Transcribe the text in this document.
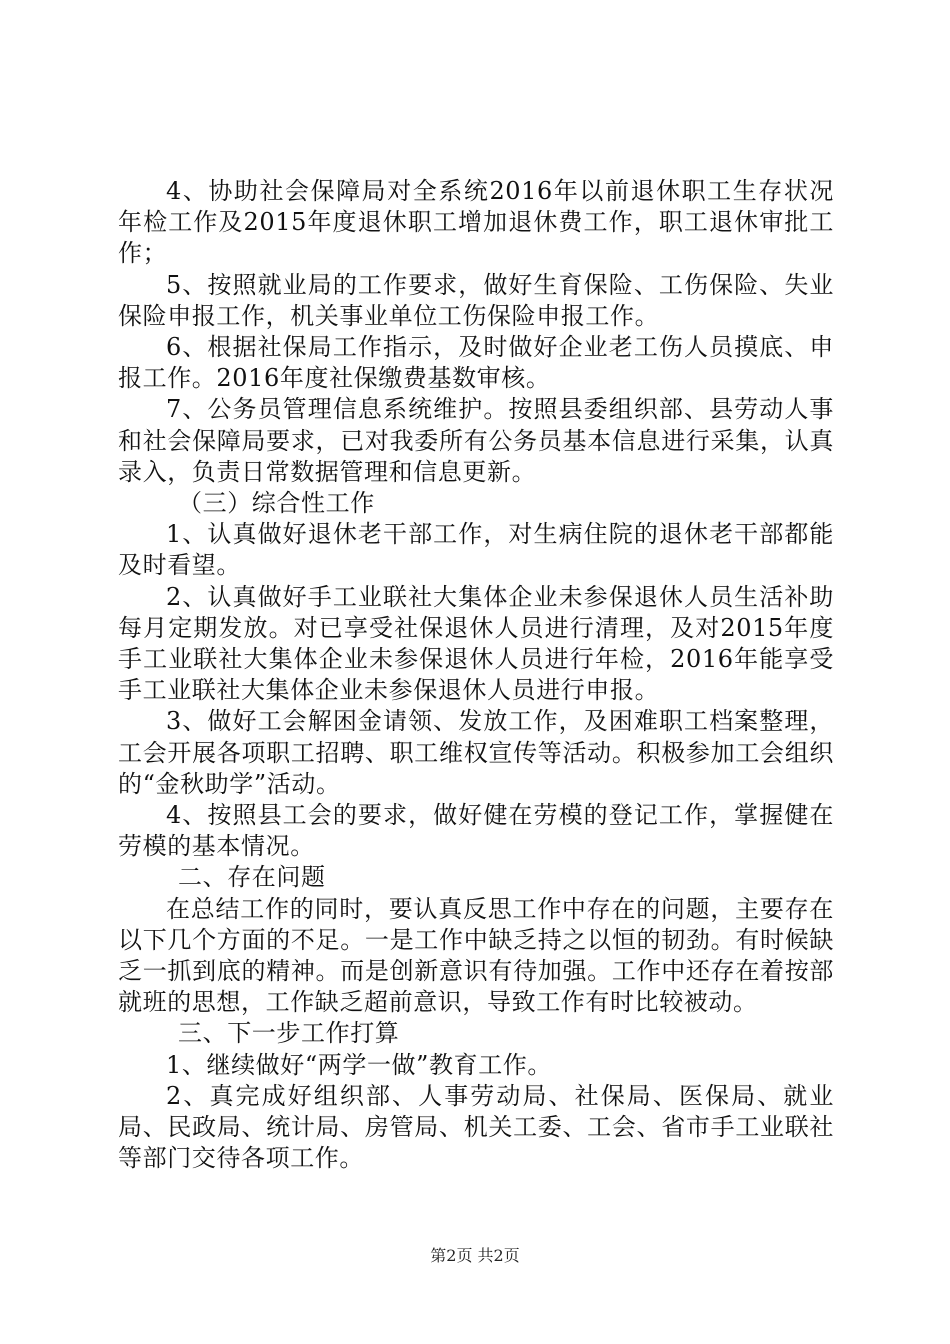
4、协助社会保障局对全系统2016年以前退休职工生存状况年检工作及2015年度退休职工增加退休费工作，职工退休审批工作；

5、按照就业局的工作要求，做好生育保险、工伤保险、失业保险申报工作，机关事业单位工伤保险申报工作。

6、根据社保局工作指示，及时做好企业老工伤人员摸底、申报工作。2016年度社保缴费基数审核。

7、公务员管理信息系统维护。按照县委组织部、县劳动人事和社会保障局要求，已对我委所有公务员基本信息进行采集，认真录入，负责日常数据管理和信息更新。

（三）综合性工作

1、认真做好退休老干部工作，对生病住院的退休老干部都能及时看望。

2、认真做好手工业联社大集体企业未参保退休人员生活补助每月定期发放。对已享受社保退休人员进行清理，及对2015年度手工业联社大集体企业未参保退休人员进行年检，2016年能享受手工业联社大集体企业未参保退休人员进行申报。

3、做好工会解困金请领、发放工作，及困难职工档案整理，工会开展各项职工招聘、职工维权宣传等活动。积极参加工会组织的“金秋助学”活动。

4、按照县工会的要求，做好健在劳模的登记工作，掌握健在劳模的基本情况。

二、存在问题

在总结工作的同时，要认真反思工作中存在的问题，主要存在以下几个方面的不足。一是工作中缺乏持之以恒的韧劲。有时候缺乏一抓到底的精神。而是创新意识有待加强。工作中还存在着按部就班的思想，工作缺乏超前意识，导致工作有时比较被动。

三、下一步工作打算

1、继续做好“两学一做”教育工作。

2、真完成好组织部、人事劳动局、社保局、医保局、就业局、民政局、统计局、房管局、机关工委、工会、省市手工业联社等部门交待各项工作。

第2页 共2页
